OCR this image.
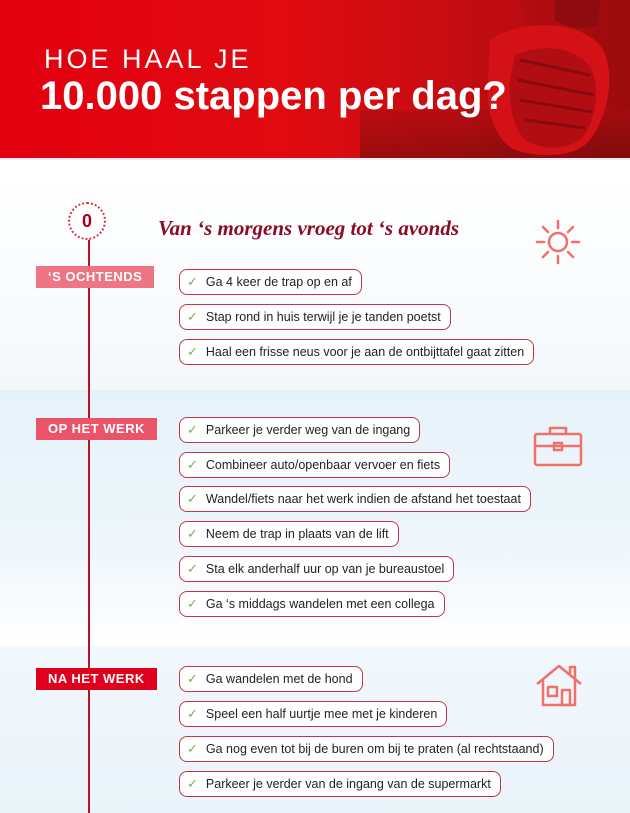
HOE HAAL JE
10.000 stappen per dag?
0	Van ‘s morgens vroeg tot ‘s avonds
‘S OCHTENDS
OP HET WERK
NA HET WERK
✓ Ga 4 keer de trap op en af
✓ Stap rond in huis terwijl je je tanden poetst
✓ Haal een frisse neus voor je aan de ontbijttafel gaat zitten
✓ Parkeer je verder weg van de ingang
✓ Combineer auto/openbaar vervoer en fiets
✓ Wandel/fiets naar het werk indien de afstand het toestaat
✓ Neem de trap in plaats van de lift
✓ Sta elk anderhalf uur op van je bureaustoel
✓ Ga ‘s middags wandelen met een collega
✓ Ga wandelen met de hond
✓ Speel een half uurtje mee met je kinderen
✓ Ga nog even tot bij de buren om bij te praten (al rechtstaand)
✓ Parkeer je verder van de ingang van de supermarkt
